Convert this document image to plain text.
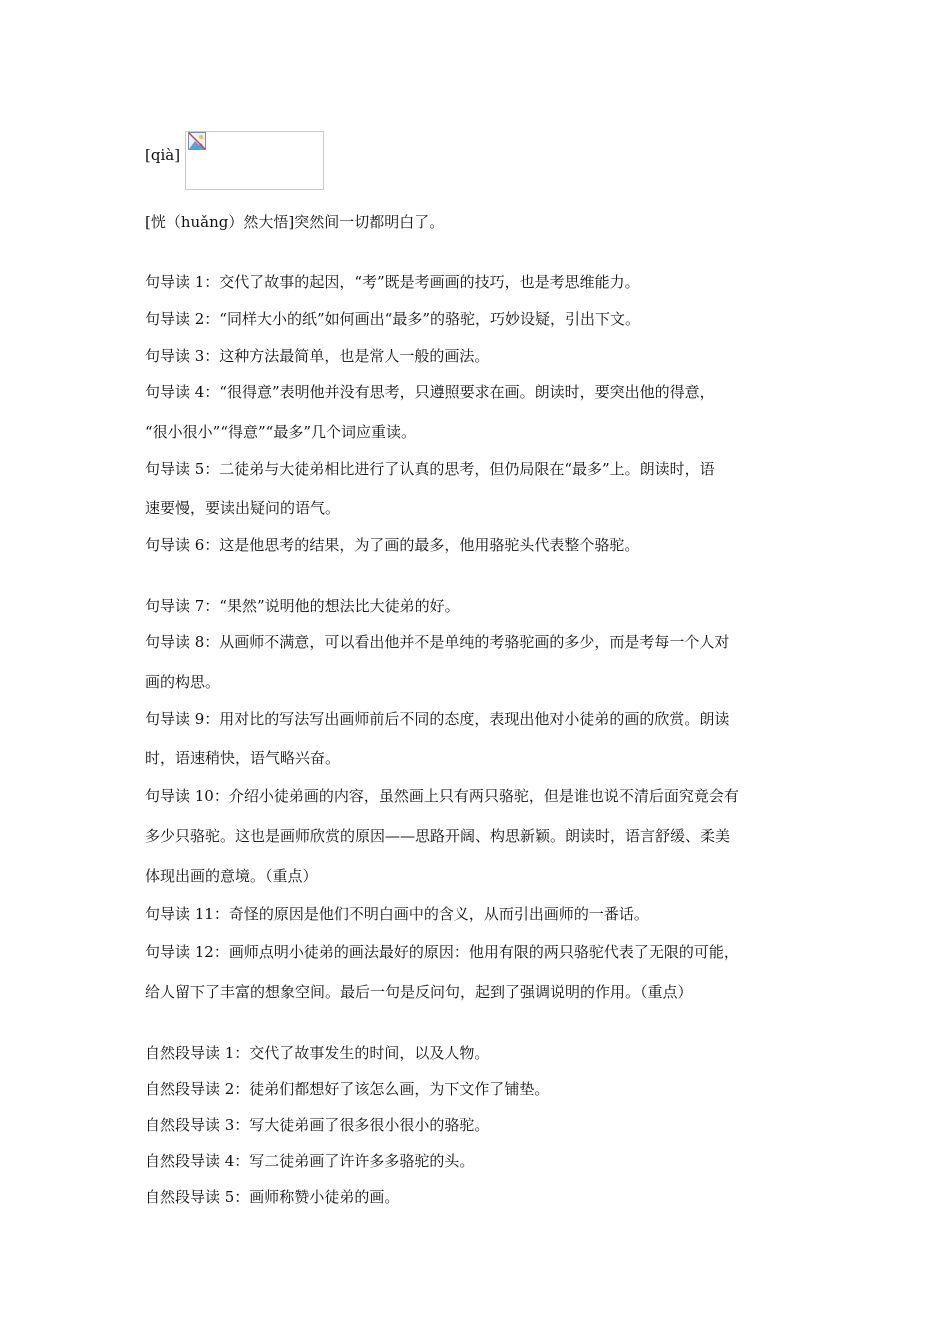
[qià]
[恍（huǎng）然大悟]突然间一切都明白了。
句导读 1：交代了故事的起因，“考”既是考画画的技巧，也是考思维能力。
句导读 2：“同样大小的纸”如何画出“最多”的骆驼，巧妙设疑，引出下文。
句导读 3：这种方法最简单，也是常人一般的画法。
句导读 4：“很得意”表明他并没有思考，只遵照要求在画。朗读时，要突出他的得意，
“很小很小”“得意”“最多”几个词应重读。
句导读 5：二徒弟与大徒弟相比进行了认真的思考，但仍局限在“最多”上。朗读时，语
速要慢，要读出疑问的语气。
句导读 6：这是他思考的结果，为了画的最多，他用骆驼头代表整个骆驼。
句导读 7：“果然”说明他的想法比大徒弟的好。
句导读 8：从画师不满意，可以看出他并不是单纯的考骆驼画的多少，而是考每一个人对
画的构思。
句导读 9：用对比的写法写出画师前后不同的态度，表现出他对小徒弟的画的欣赏。朗读
时，语速稍快，语气略兴奋。
句导读 10：介绍小徒弟画的内容，虽然画上只有两只骆驼，但是谁也说不清后面究竟会有
多少只骆驼。这也是画师欣赏的原因——思路开阔、构思新颖。朗读时，语言舒缓、柔美
体现出画的意境。（重点）
句导读 11：奇怪的原因是他们不明白画中的含义，从而引出画师的一番话。
句导读 12：画师点明小徒弟的画法最好的原因：他用有限的两只骆驼代表了无限的可能，
给人留下了丰富的想象空间。最后一句是反问句，起到了强调说明的作用。（重点）
自然段导读 1：交代了故事发生的时间，以及人物。
自然段导读 2：徒弟们都想好了该怎么画，为下文作了铺垫。
自然段导读 3：写大徒弟画了很多很小很小的骆驼。
自然段导读 4：写二徒弟画了许许多多骆驼的头。
自然段导读 5：画师称赞小徒弟的画。
